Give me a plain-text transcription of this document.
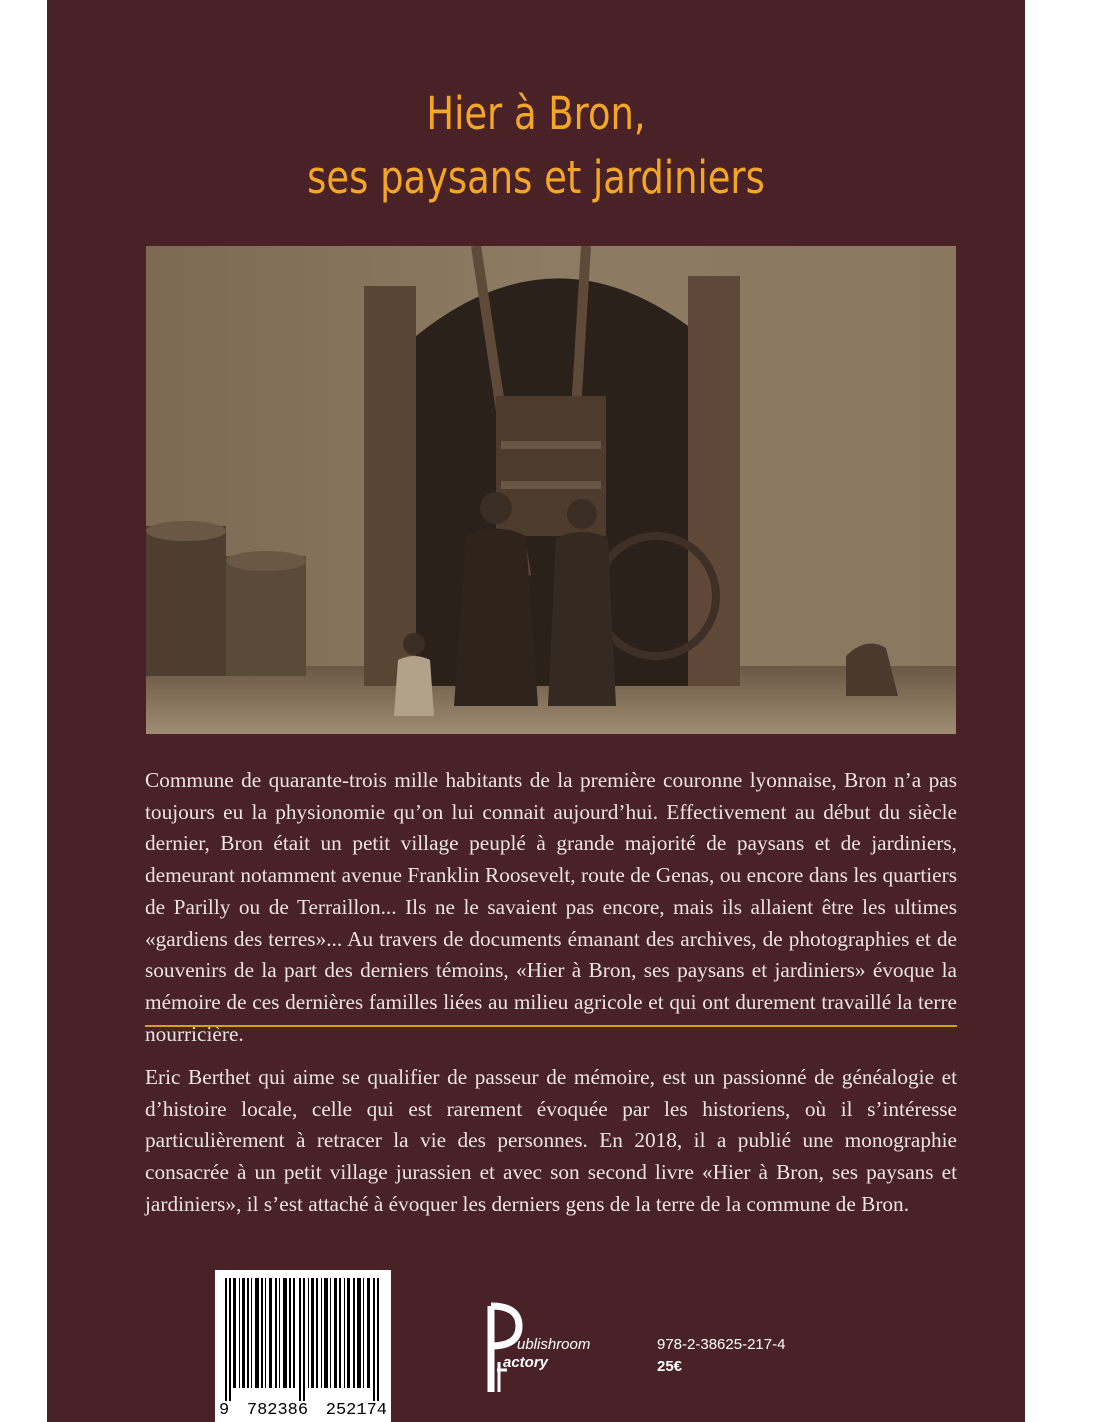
Hier à Bron,
ses paysans et jardiniers

Commune de quarante-trois mille habitants de la première couronne lyonnaise, Bron n’a pas toujours eu la physionomie qu’on lui connait aujourd’hui. Effectivement au début du siècle dernier, Bron était un petit village peuplé à grande majorité de paysans et de jardiniers, demeurant notamment avenue Franklin Roosevelt, route de Genas, ou encore dans les quartiers de Parilly ou de Terraillon... Ils ne le savaient pas encore, mais ils allaient être les ultimes «gardiens des terres»... Au travers de documents émanant des archives, de photographies et de souvenirs de la part des derniers témoins, «Hier à Bron, ses paysans et jardiniers» évoque la mémoire de ces dernières familles liées au milieu agricole et qui ont durement travaillé la terre nourricière.

Eric Berthet qui aime se qualifier de passeur de mémoire, est un passionné de généalogie et d’histoire locale, celle qui est rarement évoquée par les historiens, où il s’intéresse particulièrement à retracer la vie des personnes. En 2018, il a publié une monographie consacrée à un petit village jurassien et avec son second livre «Hier à Bron, ses paysans et jardiniers», il s’est attaché à évoquer les derniers gens de la terre de la commune de Bron.

9 782386 252174
ublishroom
actory
978-2-38625-217-4
25€
